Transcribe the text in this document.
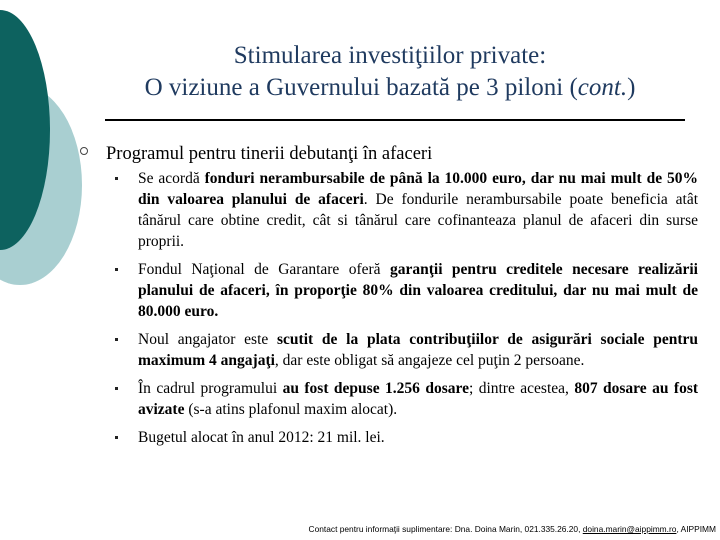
Stimularea investiţiilor private:
O viziune a Guvernului bazată pe 3 piloni (cont.)
Programul pentru tinerii debutanţi în afaceri
Se acordă fonduri nerambursabile de până la 10.000 euro, dar nu mai mult de 50% din valoarea planului de afaceri. De fondurile nerambursabile poate beneficia atât tânărul care obtine credit, cât si tânărul care cofinanteaza planul de afaceri din surse proprii.
Fondul Naţional de Garantare oferă garanţii pentru creditele necesare realizării planului de afaceri, în proporţie 80% din valoarea creditului, dar nu mai mult de 80.000 euro.
Noul angajator este scutit de la plata contribuţiilor de asigurări sociale pentru maximum 4 angajaţi, dar este obligat să angajeze cel puţin 2 persoane.
În cadrul programului au fost depuse 1.256 dosare; dintre acestea, 807 dosare au fost avizate (s-a atins plafonul maxim alocat).
Bugetul alocat în anul 2012: 21 mil. lei.
Contact pentru informaţii suplimentare: Dna. Doina Marin, 021.335.26.20, doina.marin@aippimm.ro, AIPPIMM
